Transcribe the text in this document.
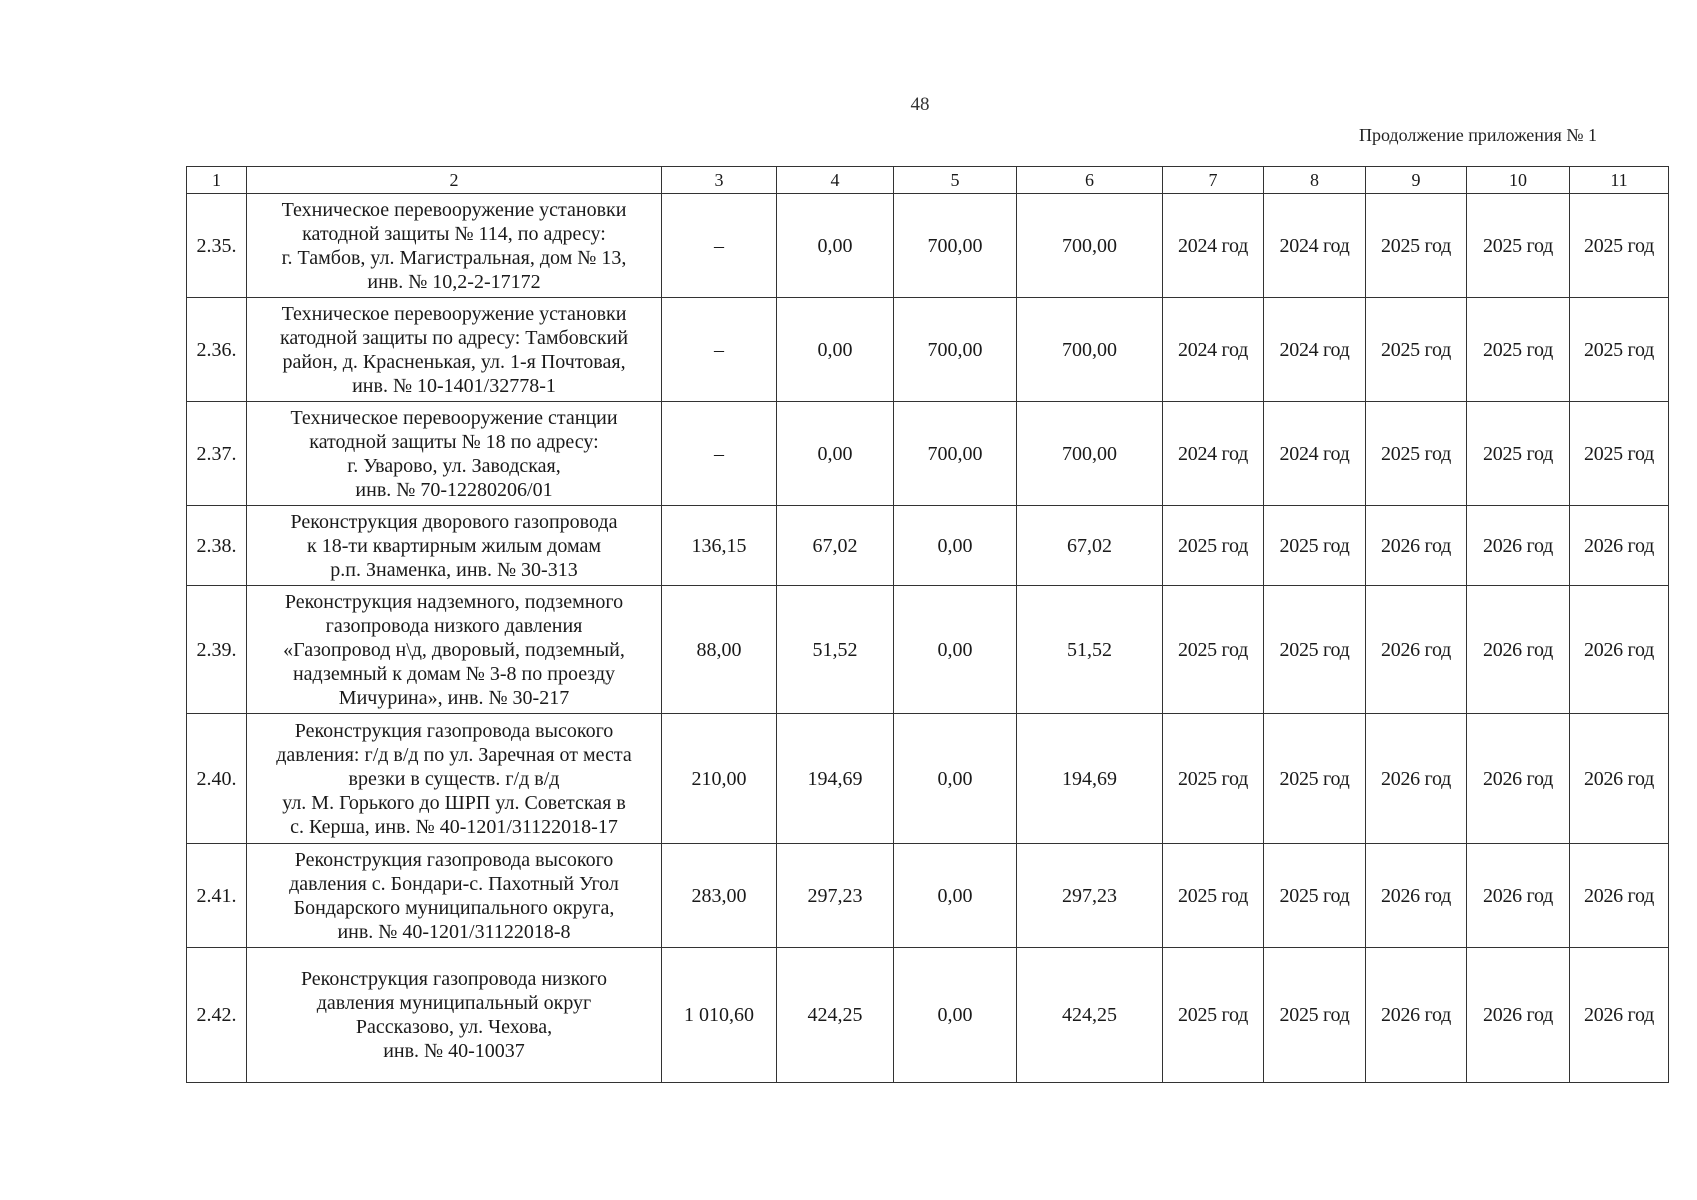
48
Продолжение приложения № 1
1	2	3	4	5	6	7	8	9	10	11
2.35.	Техническое перевооружение установки
катодной защиты № 114, по адресу:
г. Тамбов, ул. Магистральная, дом № 13,
инв. № 10,2-2-17172	–	0,00	700,00	700,00	2024 год	2024 год	2025 год	2025 год	2025 год
2.36.	Техническое перевооружение установки
катодной защиты по адресу: Тамбовский
район, д. Красненькая, ул. 1-я Почтовая,
инв. № 10-1401/32778-1	–	0,00	700,00	700,00	2024 год	2024 год	2025 год	2025 год	2025 год
2.37.	Техническое перевооружение станции
катодной защиты № 18 по адресу:
г. Уварово, ул. Заводская,
инв. № 70-12280206/01	–	0,00	700,00	700,00	2024 год	2024 год	2025 год	2025 год	2025 год
2.38.	Реконструкция дворового газопровода
к 18-ти квартирным жилым домам
р.п. Знаменка, инв. № 30-313	136,15	67,02	0,00	67,02	2025 год	2025 год	2026 год	2026 год	2026 год
2.39.	Реконструкция надземного, подземного
газопровода низкого давления
«Газопровод н\д, дворовый, подземный,
надземный к домам № 3-8 по проезду
Мичурина», инв. № 30-217	88,00	51,52	0,00	51,52	2025 год	2025 год	2026 год	2026 год	2026 год
2.40.	Реконструкция газопровода высокого
давления: г/д в/д по ул. Заречная от места
врезки в существ. г/д в/д
ул. М. Горького до ШРП ул. Советская в
с. Керша, инв. № 40-1201/31122018-17	210,00	194,69	0,00	194,69	2025 год	2025 год	2026 год	2026 год	2026 год
2.41.	Реконструкция газопровода высокого
давления с. Бондари-с. Пахотный Угол
Бондарского муниципального округа,
инв. № 40-1201/31122018-8	283,00	297,23	0,00	297,23	2025 год	2025 год	2026 год	2026 год	2026 год
2.42.	Реконструкция газопровода низкого
давления муниципальный округ
Рассказово, ул. Чехова,
инв. № 40-10037	1 010,60	424,25	0,00	424,25	2025 год	2025 год	2026 год	2026 год	2026 год
